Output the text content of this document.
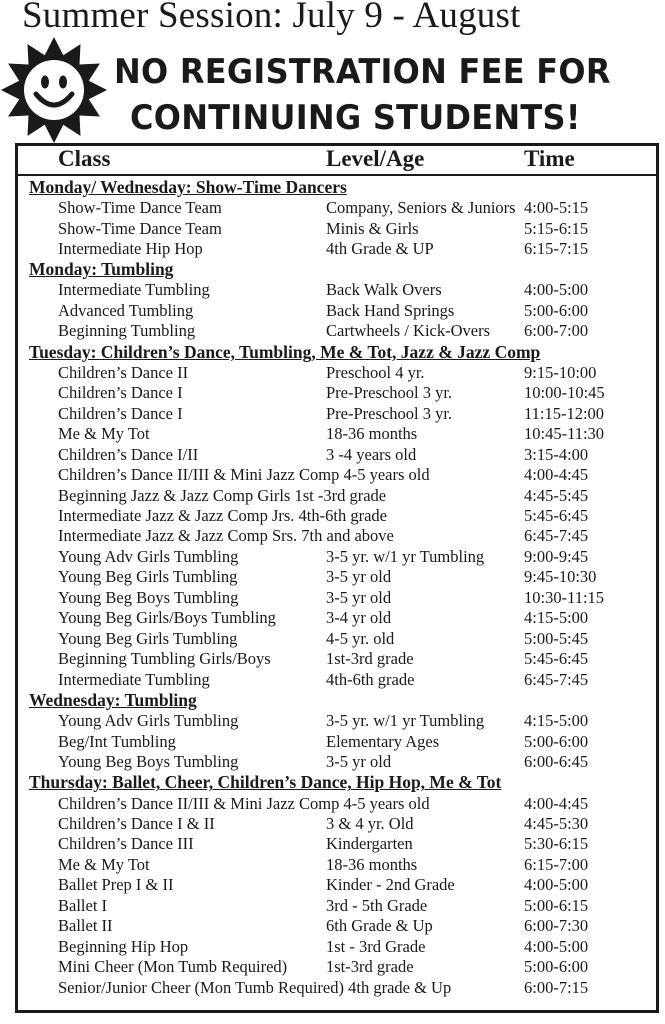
Summer Session: July 9 - August
NO REGISTRATION FEE FOR
CONTINUING STUDENTS!
Class	Level/Age	Time
Monday/ Wednesday: Show-Time Dancers
Show-Time Dance Team	Company, Seniors & Juniors 4:00-5:15
Show-Time Dance Team	Minis & Girls	5:15-6:15
Intermediate Hip Hop	4th Grade & UP	6:15-7:15
Monday: Tumbling
Intermediate Tumbling	Back Walk Overs	4:00-5:00
Advanced Tumbling	Back Hand Springs	5:00-6:00
Beginning Tumbling	Cartwheels / Kick-Overs 6:00-7:00
Tuesday: Children’s Dance, Tumbling, Me & Tot, Jazz & Jazz Comp
Children’s Dance II	Preschool 4 yr.	9:15-10:00
Children’s Dance I	Pre-Preschool 3 yr.	10:00-10:45
Children’s Dance I	Pre-Preschool 3 yr.	11:15-12:00
Me & My Tot	18-36 months	10:45-11:30
Children’s Dance I/II	3 -4 years old	3:15-4:00
Children’s Dance II/III & Mini Jazz Comp 4-5 years old	4:00-4:45
Beginning Jazz & Jazz Comp Girls 1st -3rd grade	4:45-5:45
Intermediate Jazz & Jazz Comp Jrs. 4th-6th grade	5:45-6:45
Intermediate Jazz & Jazz Comp Srs. 7th and above	6:45-7:45
Young Adv Girls Tumbling	3-5 yr. w/1 yr Tumbling 9:00-9:45
Young Beg Girls Tumbling	3-5 yr old	9:45-10:30
Young Beg Boys Tumbling	3-5 yr old	10:30-11:15
Young Beg Girls/Boys Tumbling	3-4 yr old	4:15-5:00
Young Beg Girls Tumbling	4-5 yr. old	5:00-5:45
Beginning Tumbling Girls/Boys	1st-3rd grade	5:45-6:45
Intermediate Tumbling	4th-6th grade	6:45-7:45
Wednesday: Tumbling
Young Adv Girls Tumbling	3-5 yr. w/1 yr Tumbling 4:15-5:00
Beg/Int Tumbling	Elementary Ages	5:00-6:00
Young Beg Boys Tumbling	3-5 yr old	6:00-6:45
Thursday: Ballet, Cheer, Children’s Dance, Hip Hop, Me & Tot
Children’s Dance II/III & Mini Jazz Comp 4-5 years old	4:00-4:45
Children’s Dance I & II	3 & 4 yr. Old	4:45-5:30
Children’s Dance III	Kindergarten	5:30-6:15
Me & My Tot	18-36 months	6:15-7:00
Ballet Prep I & II	Kinder - 2nd Grade	4:00-5:00
Ballet I	3rd - 5th Grade	5:00-6:15
Ballet II	6th Grade & Up	6:00-7:30
Beginning Hip Hop	1st - 3rd Grade	4:00-5:00
Mini Cheer (Mon Tumb Required) 1st-3rd grade	5:00-6:00
Senior/Junior Cheer (Mon Tumb Required) 4th grade & Up	6:00-7:15
